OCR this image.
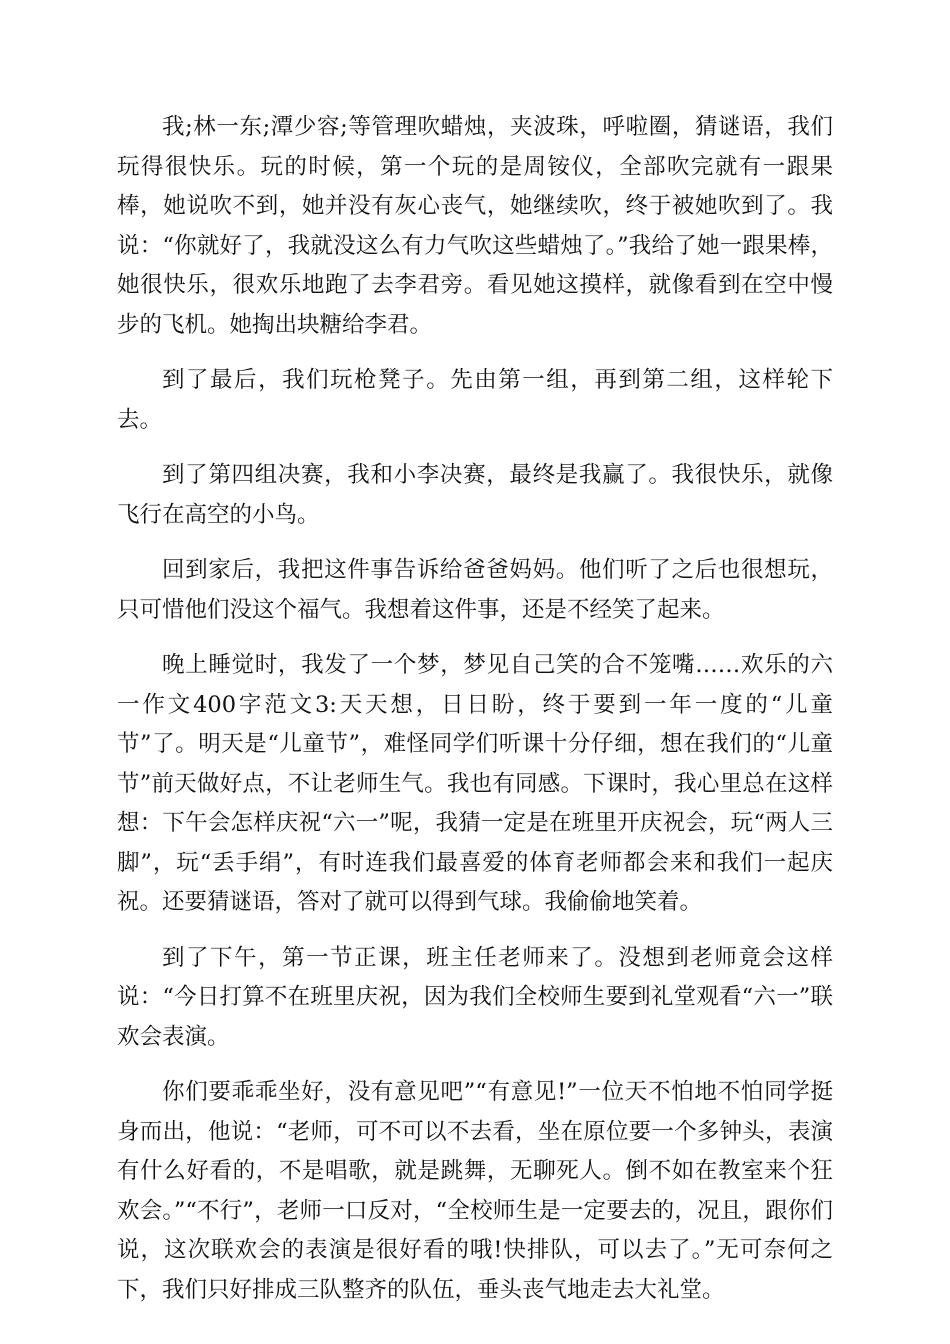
我;林一东;潭少容;等管理吹蜡烛，夹波珠，呼啦圈，猜谜语，我们玩得很快乐。玩的时候，第一个玩的是周铵仪，全部吹完就有一跟果棒，她说吹不到，她并没有灰心丧气，她继续吹，终于被她吹到了。我说：“你就好了，我就没这么有力气吹这些蜡烛了。”我给了她一跟果棒，她很快乐，很欢乐地跑了去李君旁。看见她这摸样，就像看到在空中慢步的飞机。她掏出块糖给李君。

到了最后，我们玩枪凳子。先由第一组，再到第二组，这样轮下去。

到了第四组决赛，我和小李决赛，最终是我赢了。我很快乐，就像飞行在高空的小鸟。

回到家后，我把这件事告诉给爸爸妈妈。他们听了之后也很想玩，只可惜他们没这个福气。我想着这件事，还是不经笑了起来。

晚上睡觉时，我发了一个梦，梦见自己笑的合不笼嘴……欢乐的六一作文400字范文3:天天想，日日盼，终于要到一年一度的“儿童节”了。明天是“儿童节”，难怪同学们听课十分仔细，想在我们的“儿童节”前天做好点，不让老师生气。我也有同感。下课时，我心里总在这样想：下午会怎样庆祝“六一”呢，我猜一定是在班里开庆祝会，玩“两人三脚”，玩“丢手绢”，有时连我们最喜爱的体育老师都会来和我们一起庆祝。还要猜谜语，答对了就可以得到气球。我偷偷地笑着。

到了下午，第一节正课，班主任老师来了。没想到老师竟会这样说：“今日打算不在班里庆祝，因为我们全校师生要到礼堂观看“六一”联欢会表演。

你们要乖乖坐好，没有意见吧”“有意见!”一位天不怕地不怕同学挺身而出，他说：“老师，可不可以不去看，坐在原位要一个多钟头，表演有什么好看的，不是唱歌，就是跳舞，无聊死人。倒不如在教室来个狂欢会。”“不行”，老师一口反对，“全校师生是一定要去的，况且，跟你们说，这次联欢会的表演是很好看的哦!快排队，可以去了。”无可奈何之下，我们只好排成三队整齐的队伍，垂头丧气地走去大礼堂。
